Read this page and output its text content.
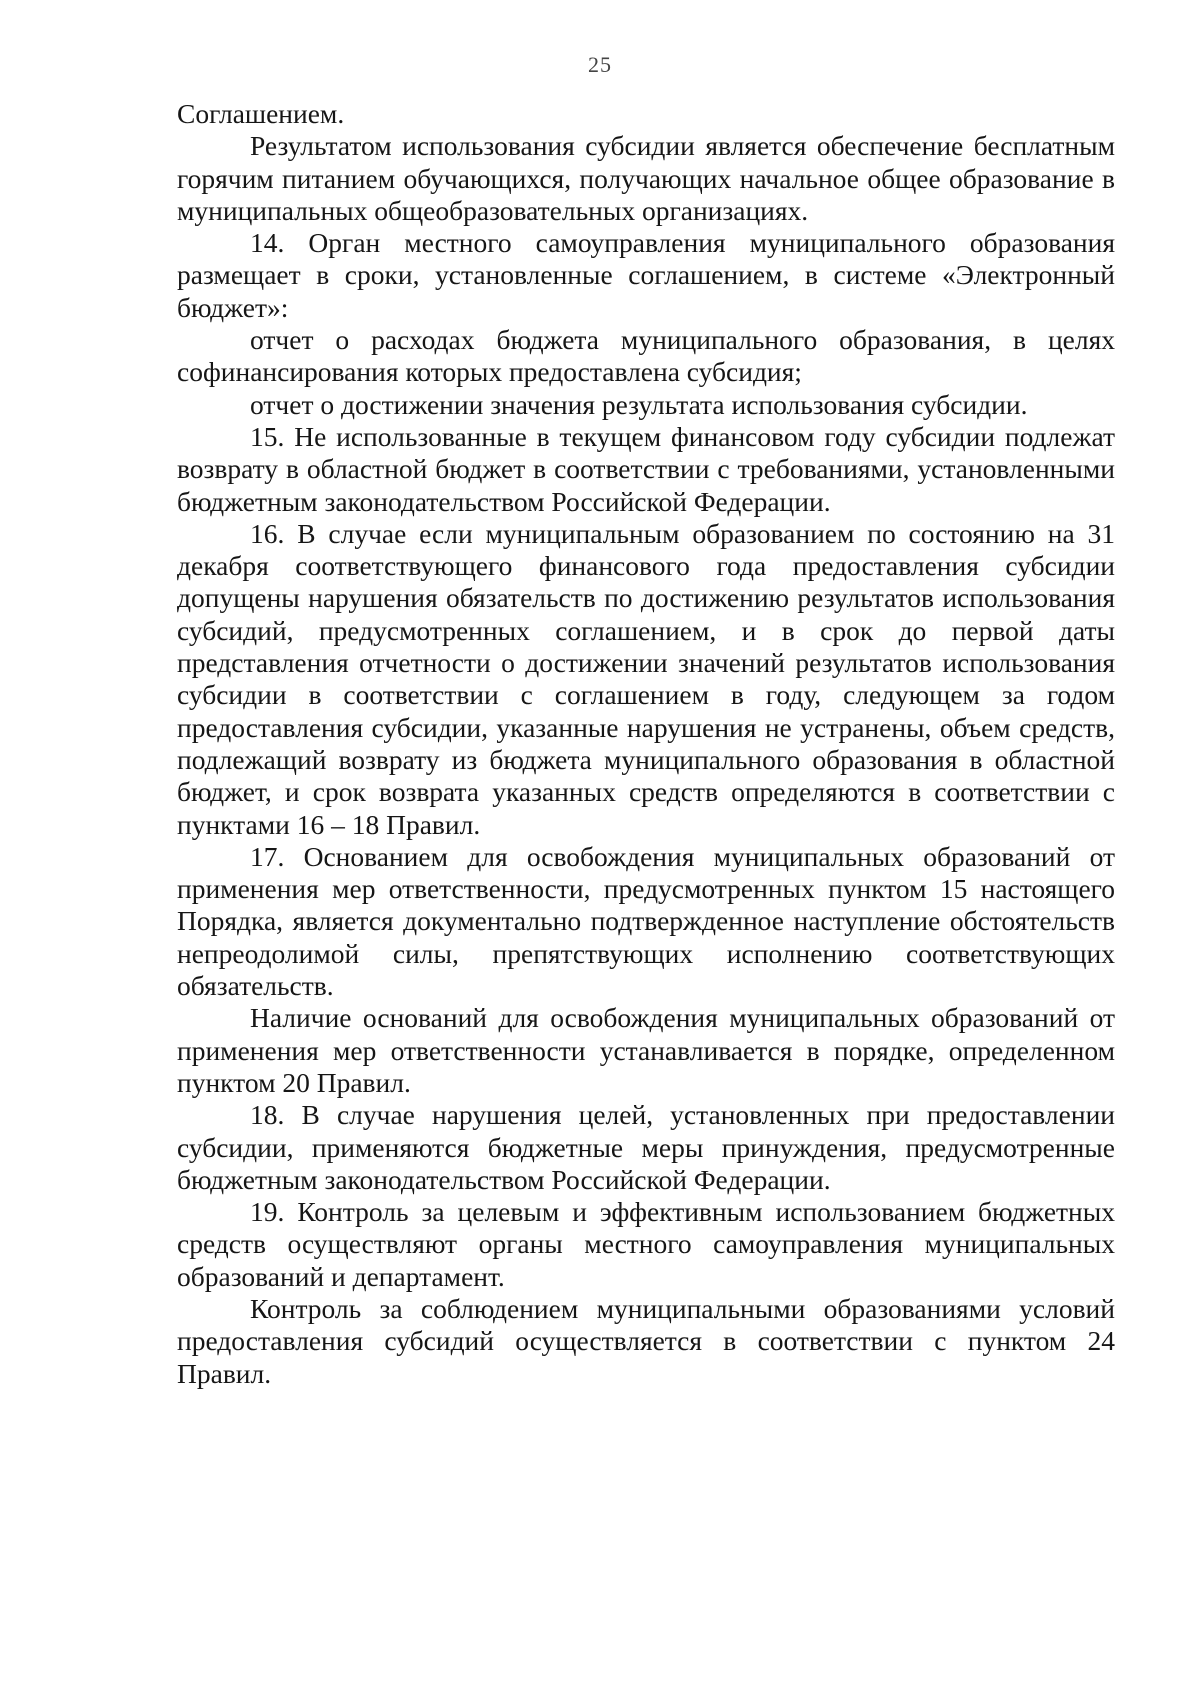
25

Соглашением.

Результатом использования субсидии является обеспечение бесплатным горячим питанием обучающихся, получающих начальное общее образование в муниципальных общеобразовательных организациях.

14. Орган местного самоуправления муниципального образования размещает в сроки, установленные соглашением, в системе «Электронный бюджет»:

отчет о расходах бюджета муниципального образования, в целях софинансирования которых предоставлена субсидия;

отчет о достижении значения результата использования субсидии.

15. Не использованные в текущем финансовом году субсидии подлежат возврату в областной бюджет в соответствии с требованиями, установленными бюджетным законодательством Российской Федерации.

16. В случае если муниципальным образованием по состоянию на 31 декабря соответствующего финансового года предоставления субсидии допущены нарушения обязательств по достижению результатов использования субсидий, предусмотренных соглашением, и в срок до первой даты представления отчетности о достижении значений результатов использования субсидии в соответствии с соглашением в году, следующем за годом предоставления субсидии, указанные нарушения не устранены, объем средств, подлежащий возврату из бюджета муниципального образования в областной бюджет, и срок возврата указанных средств определяются в соответствии с пунктами 16 – 18 Правил.

17. Основанием для освобождения муниципальных образований от применения мер ответственности, предусмотренных пунктом 15 настоящего Порядка, является документально подтвержденное наступление обстоятельств непреодолимой силы, препятствующих исполнению соответствующих обязательств.

Наличие оснований для освобождения муниципальных образований от применения мер ответственности устанавливается в порядке, определенном пунктом 20 Правил.

18. В случае нарушения целей, установленных при предоставлении субсидии, применяются бюджетные меры принуждения, предусмотренные бюджетным законодательством Российской Федерации.

19. Контроль за целевым и эффективным использованием бюджетных средств осуществляют органы местного самоуправления муниципальных образований и департамент.

Контроль за соблюдением муниципальными образованиями условий предоставления субсидий осуществляется в соответствии с пунктом 24 Правил.
